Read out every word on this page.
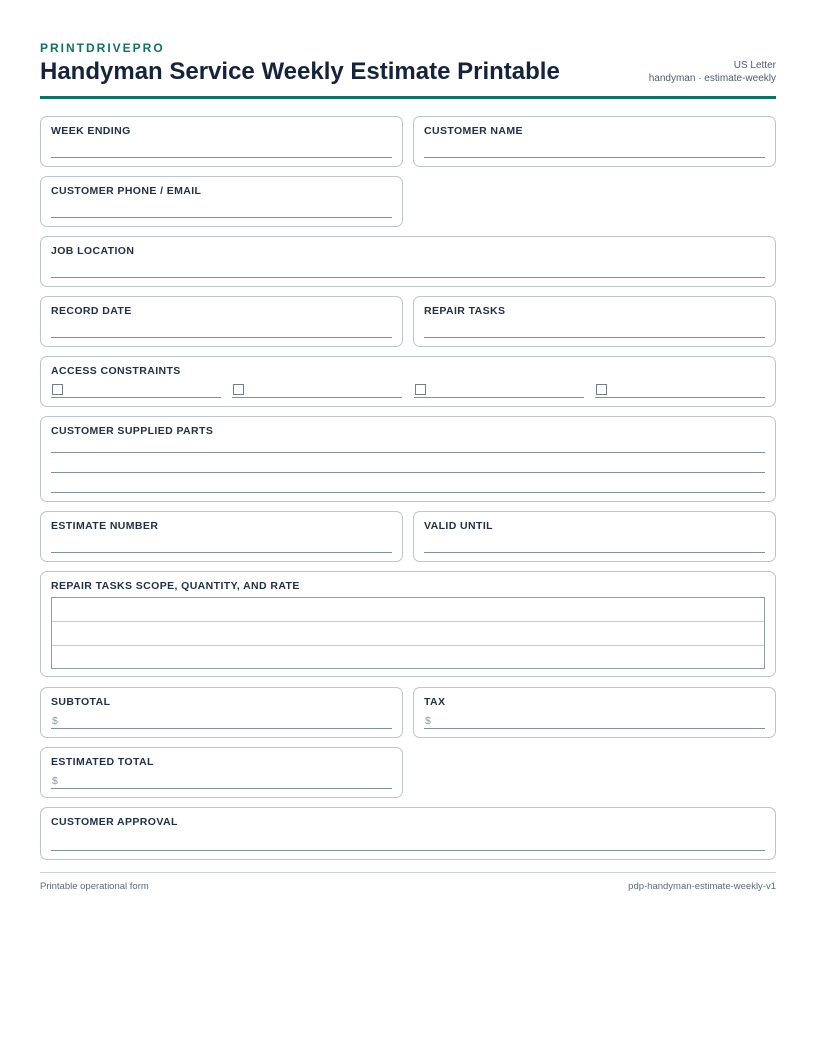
PRINTDRIVEPRO
Handyman Service Weekly Estimate Printable	US Letter
handyman · estimate-weekly
WEEK ENDING	CUSTOMER NAME
CUSTOMER PHONE / EMAIL
JOB LOCATION
RECORD DATE	REPAIR TASKS
ACCESS CONSTRAINTS
CUSTOMER SUPPLIED PARTS
ESTIMATE NUMBER	VALID UNTIL
REPAIR TASKS SCOPE, QUANTITY, AND RATE
SUBTOTAL
$
TAX
$
ESTIMATED TOTAL
$
CUSTOMER APPROVAL
Printable operational form	pdp-handyman-estimate-weekly-v1
